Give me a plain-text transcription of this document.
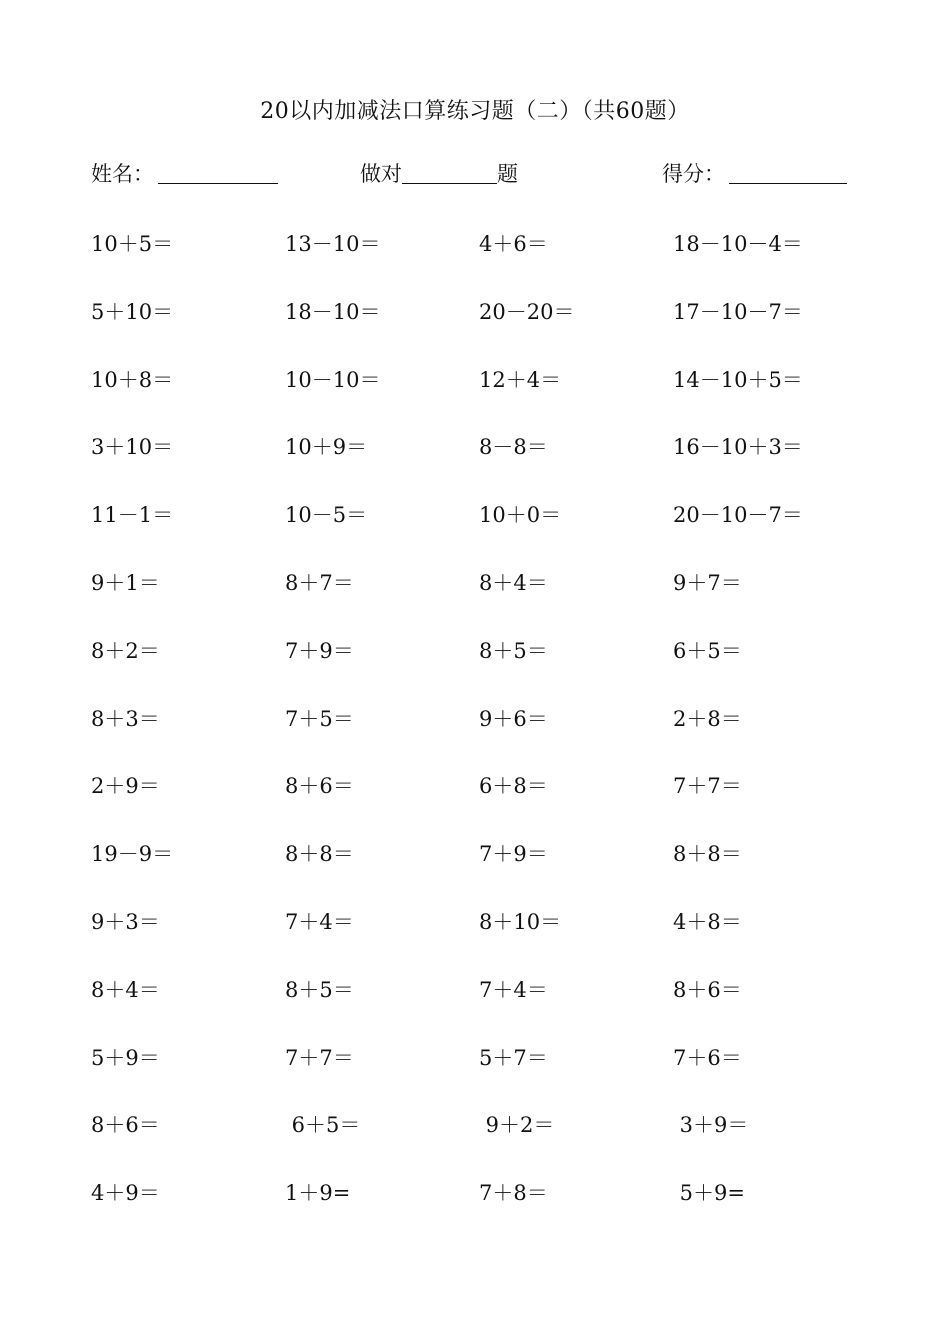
20以内加减法口算练习题（二）（共60题）
姓名：	做对	题	得分：
10＋5＝	13－10＝	4＋6＝	18－10－4＝
5＋10＝	18－10＝	20－20＝	17－10－7＝
10＋8＝	10－10＝	12＋4＝	14－10＋5＝
3＋10＝	10＋9＝	8－8＝	16－10＋3＝
11－1＝	10－5＝	10＋0＝	20－10－7＝
9＋1＝	8＋7＝	8＋4＝	9＋7＝
8＋2＝	7＋9＝	8＋5＝	6＋5＝
8＋3＝	7＋5＝	9＋6＝	2＋8＝
2＋9＝	8＋6＝	6＋8＝	7＋7＝
19－9＝	8＋8＝	7＋9＝	8＋8＝
9＋3＝	7＋4＝	8＋10＝	4＋8＝
8＋4＝	8＋5＝	7＋4＝	8＋6＝
5＋9＝	7＋7＝	5＋7＝	7＋6＝
8＋6＝	6＋5＝	9＋2＝	3＋9＝
4＋9＝	1＋9=	7＋8＝	5＋9=
